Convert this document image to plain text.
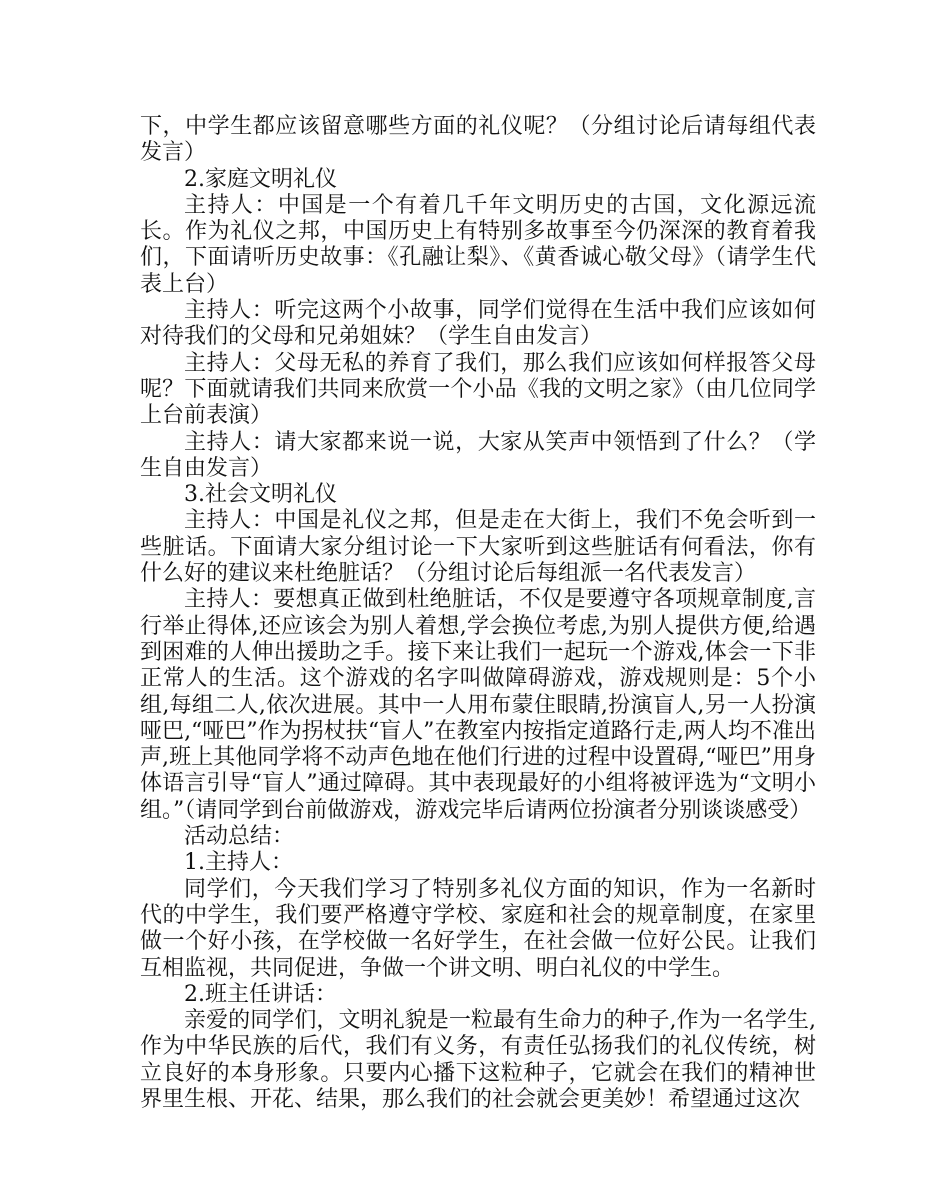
下，中学生都应该留意哪些方面的礼仪呢？（分组讨论后请每组代表发言）

2.家庭文明礼仪

主持人：中国是一个有着几千年文明历史的古国，文化源远流长。作为礼仪之邦，中国历史上有特别多故事至今仍深深的教育着我们，下面请听历史故事：《孔融让梨》、《黄香诚心敬父母》（请学生代表上台）

主持人：听完这两个小故事，同学们觉得在生活中我们应该如何对待我们的父母和兄弟姐妹？（学生自由发言）

主持人：父母无私的养育了我们，那么我们应该如何样报答父母呢？下面就请我们共同来欣赏一个小品《我的文明之家》（由几位同学上台前表演）

主持人：请大家都来说一说，大家从笑声中领悟到了什么？（学生自由发言）

3.社会文明礼仪

主持人：中国是礼仪之邦，但是走在大街上，我们不免会听到一些脏话。下面请大家分组讨论一下大家听到这些脏话有何看法，你有什么好的建议来杜绝脏话？（分组讨论后每组派一名代表发言）

主持人：要想真正做到杜绝脏话，不仅是要遵守各项规章制度,言行举止得体,还应该会为别人着想,学会换位考虑,为别人提供方便,给遇到困难的人伸出援助之手。接下来让我们一起玩一个游戏,体会一下非正常人的生活。这个游戏的名字叫做障碍游戏，游戏规则是：5个小组,每组二人,依次进展。其中一人用布蒙住眼睛,扮演盲人,另一人扮演哑巴,“哑巴”作为拐杖扶“盲人”在教室内按指定道路行走,两人均不准出声,班上其他同学将不动声色地在他们行进的过程中设置碍,“哑巴”用身体语言引导“盲人”通过障碍。其中表现最好的小组将被评选为“文明小组。”（请同学到台前做游戏，游戏完毕后请两位扮演者分别谈谈感受）

活动总结：

1.主持人：

同学们，今天我们学习了特别多礼仪方面的知识，作为一名新时代的中学生，我们要严格遵守学校、家庭和社会的规章制度，在家里做一个好小孩，在学校做一名好学生，在社会做一位好公民。让我们互相监视，共同促进，争做一个讲文明、明白礼仪的中学生。

2.班主任讲话：

亲爱的同学们，文明礼貌是一粒最有生命力的种子,作为一名学生,作为中华民族的后代，我们有义务，有责任弘扬我们的礼仪传统，树立良好的本身形象。只要内心播下这粒种子，它就会在我们的精神世界里生根、开花、结果，那么我们的社会就会更美妙！希望通过这次
